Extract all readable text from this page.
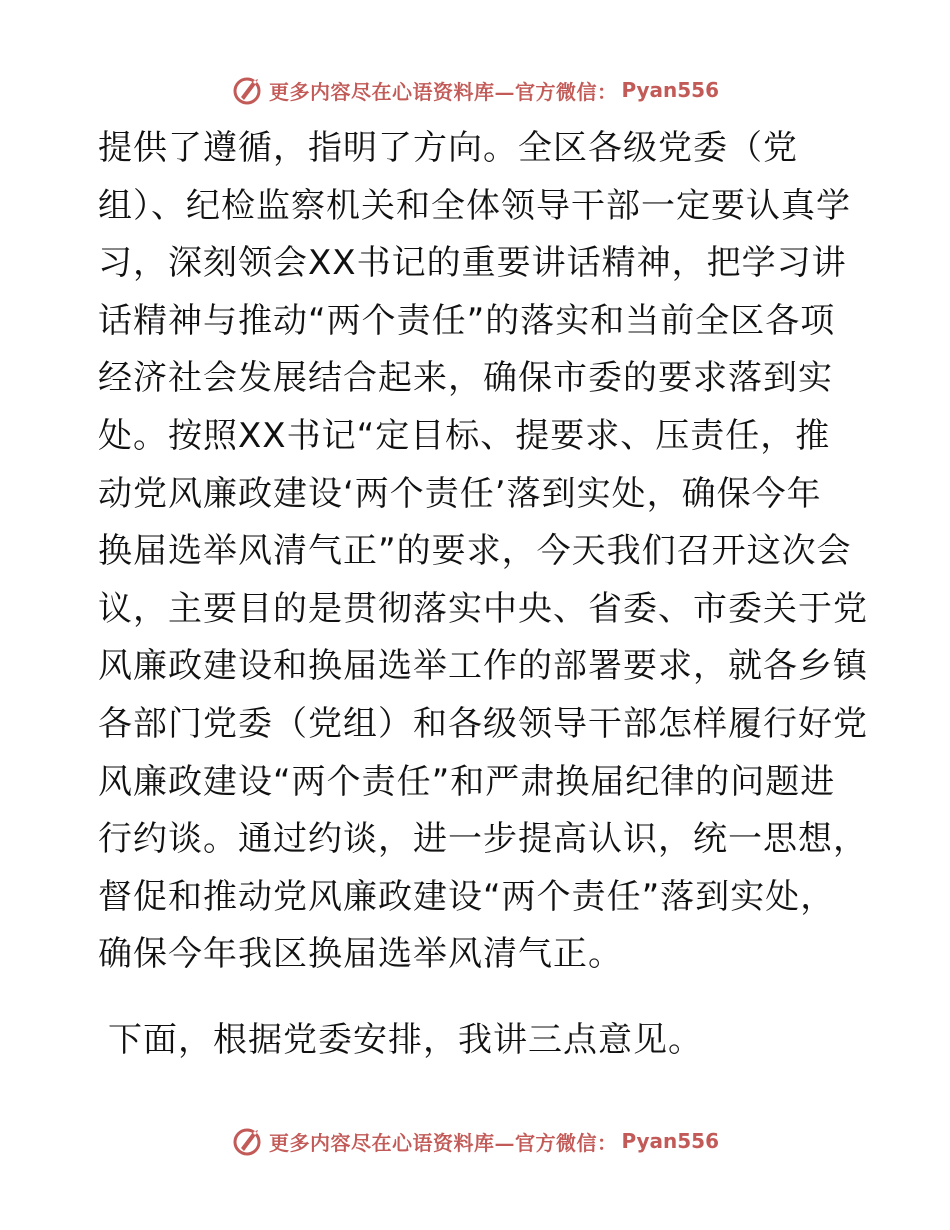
更多内容尽在心语资料库—官方微信： Pyan556
提供了遵循，指明了方向。全区各级党委（党
组）、纪检监察机关和全体领导干部一定要认真学
习，深刻领会XX书记的重要讲话精神，把学习讲
话精神与推动“两个责任”的落实和当前全区各项
经济社会发展结合起来，确保市委的要求落到实
处。按照XX书记“定目标、提要求、压责任，推
动党风廉政建设‘两个责任’落到实处，确保今年
换届选举风清气正”的要求，今天我们召开这次会
议，主要目的是贯彻落实中央、省委、市委关于党
风廉政建设和换届选举工作的部署要求，就各乡镇
各部门党委（党组）和各级领导干部怎样履行好党
风廉政建设“两个责任”和严肃换届纪律的问题进
行约谈。通过约谈，进一步提高认识，统一思想，
督促和推动党风廉政建设“两个责任”落到实处，
确保今年我区换届选举风清气正。
下面，根据党委安排，我讲三点意见。
更多内容尽在心语资料库—官方微信： Pyan556
